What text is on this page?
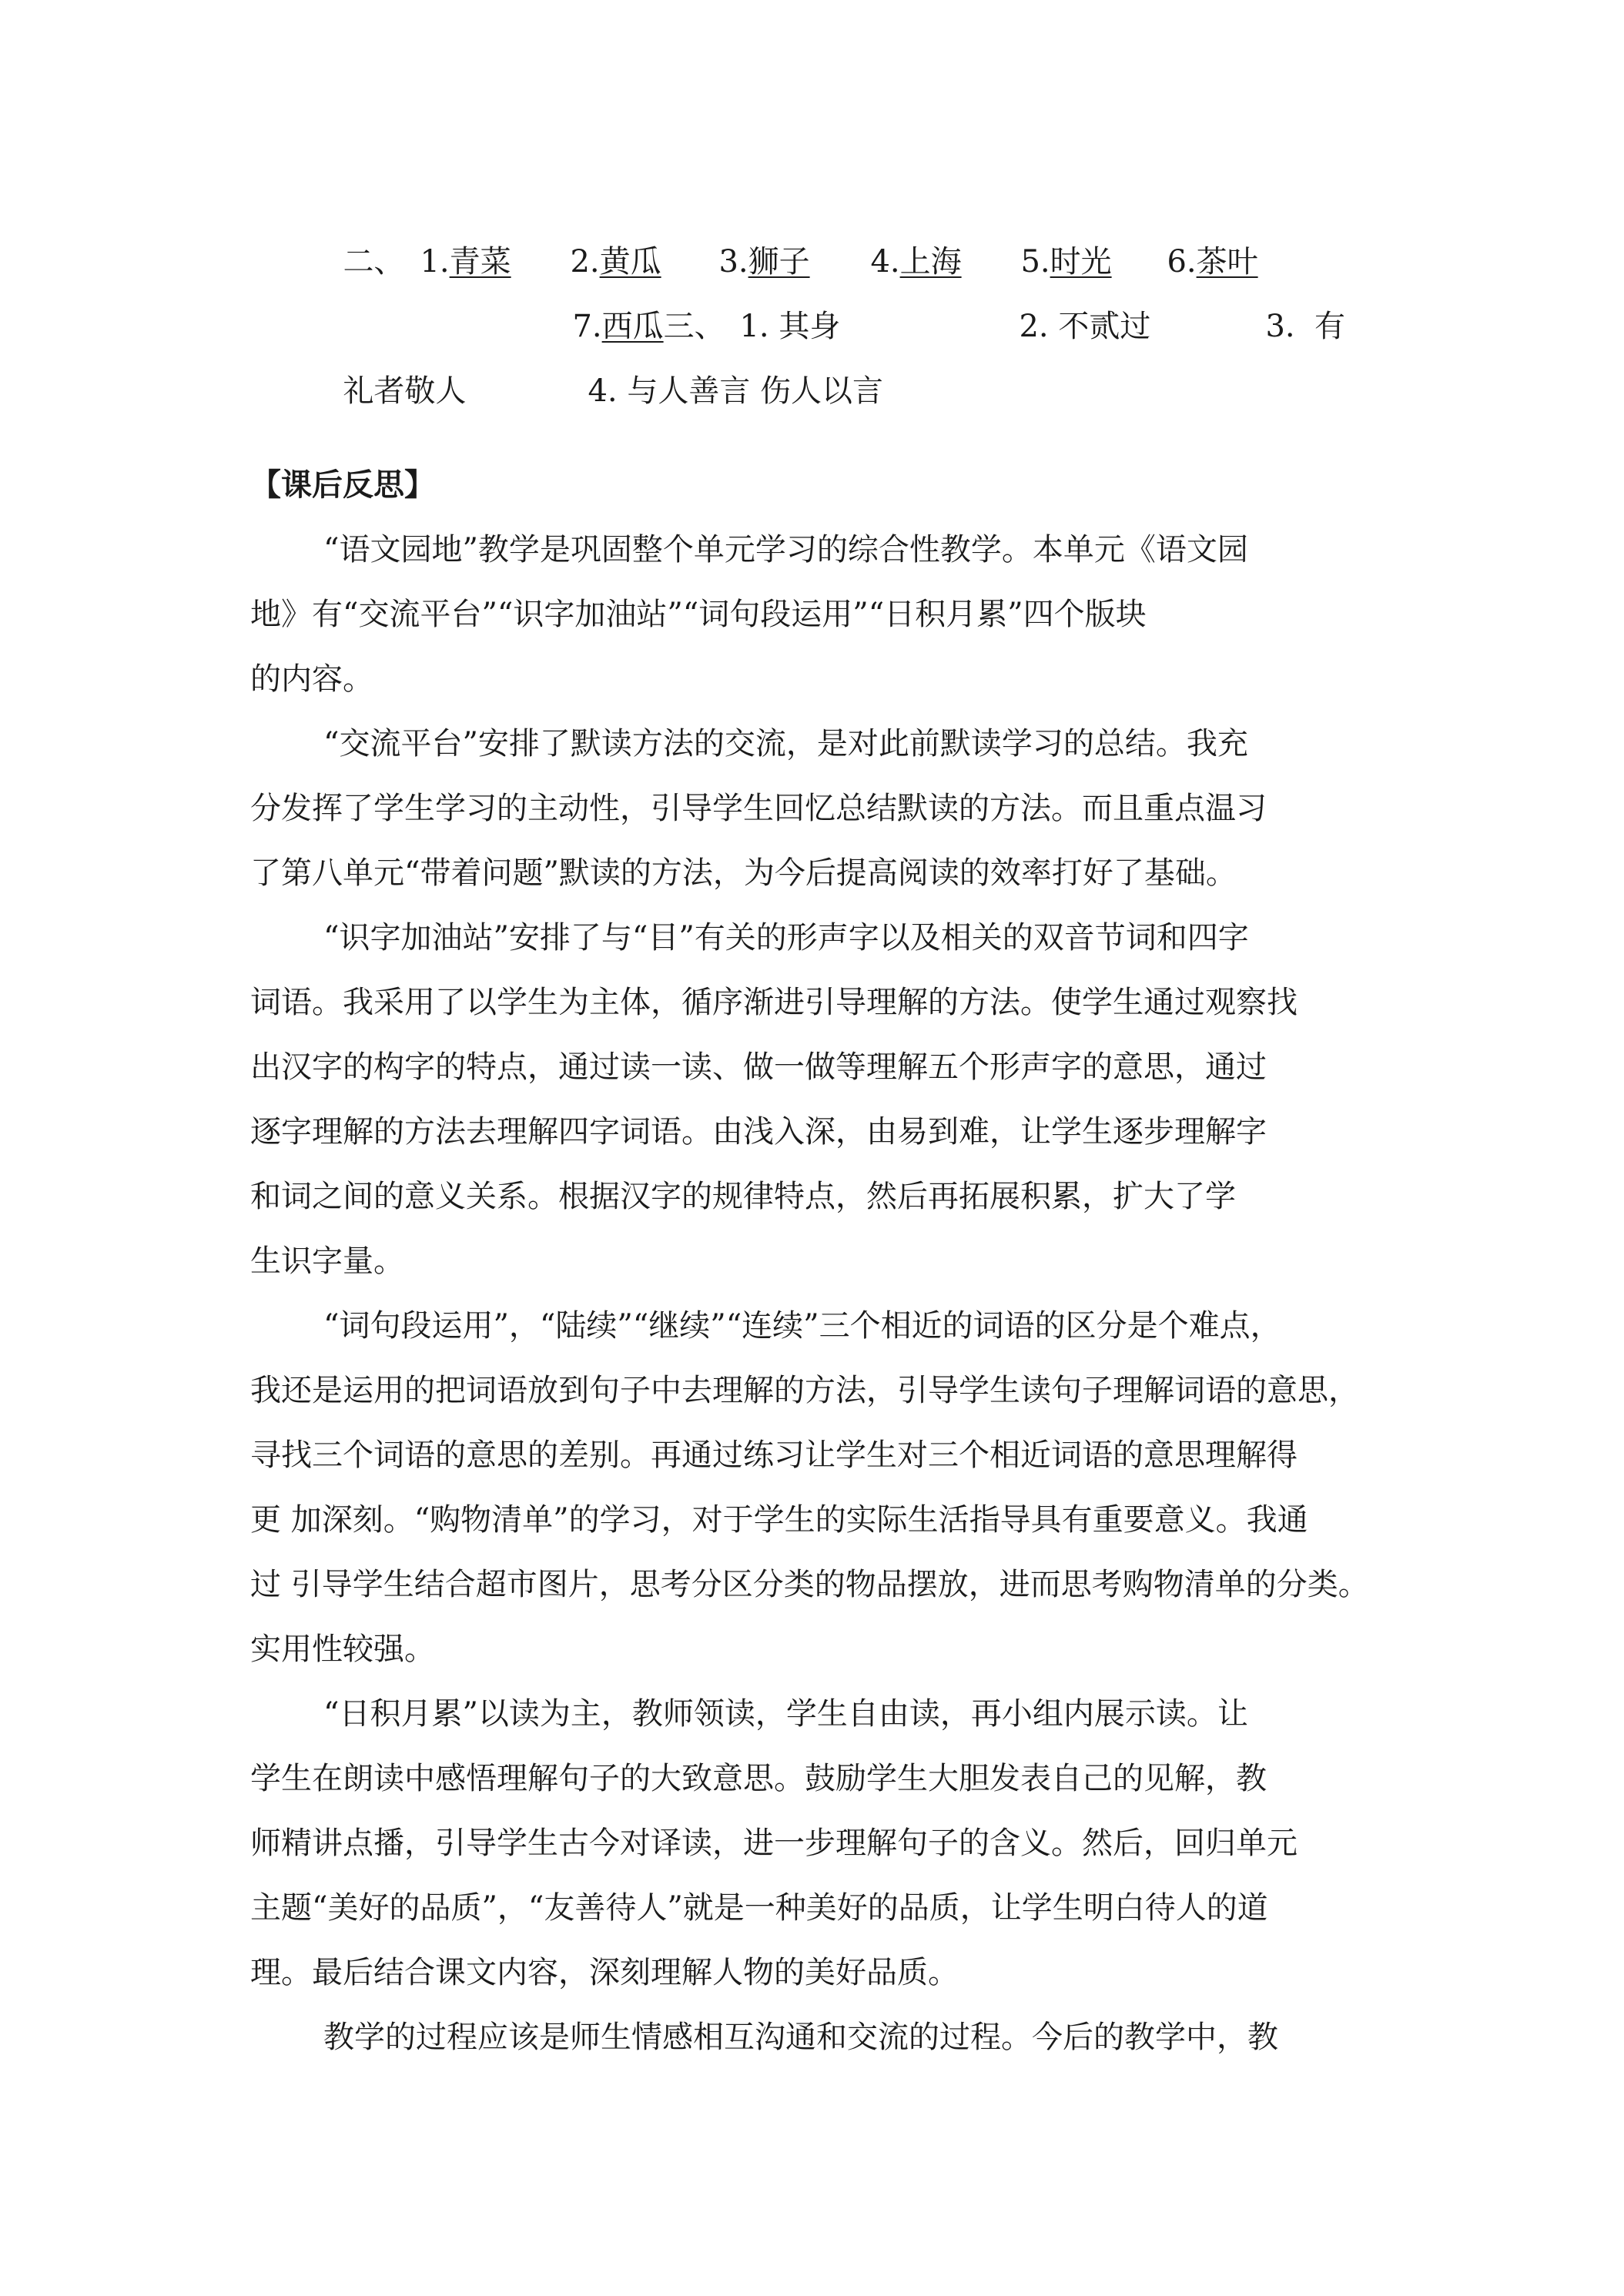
二、 1.青菜	2.黄瓜	3.狮子	4.上海	5.时光	6.茶叶

7.西瓜三、 1. 其身	2. 不贰过	3. 有

礼者敬人	4. 与人善言 伤人以言

【课后反思】
“语文园地”教学是巩固整个单元学习的综合性教学。本单元《语文园
地》有“交流平台”“识字加油站”“词句段运用”“日积月累”四个版块
的内容。
“交流平台”安排了默读方法的交流，是对此前默读学习的总结。我充
分发挥了学生学习的主动性，引导学生回忆总结默读的方法。而且重点温习
了第八单元“带着问题”默读的方法，为今后提高阅读的效率打好了基础。
“识字加油站”安排了与“目”有关的形声字以及相关的双音节词和四字
词语。我采用了以学生为主体，循序渐进引导理解的方法。使学生通过观察找
出汉字的构字的特点，通过读一读、做一做等理解五个形声字的意思，通过
逐字理解的方法去理解四字词语。由浅入深，由易到难，让学生逐步理解字
和词之间的意义关系。根据汉字的规律特点，然后再拓展积累，扩大了学
生识字量。
“词句段运用”，“陆续”“继续”“连续”三个相近的词语的区分是个难点，
我还是运用的把词语放到句子中去理解的方法，引导学生读句子理解词语的意思，
寻找三个词语的意思的差别。再通过练习让学生对三个相近词语的意思理解得
更 加深刻。“购物清单”的学习，对于学生的实际生活指导具有重要意义。我通
过 引导学生结合超市图片，思考分区分类的物品摆放，进而思考购物清单的分类。
实用性较强。
“日积月累”以读为主，教师领读，学生自由读，再小组内展示读。让
学生在朗读中感悟理解句子的大致意思。鼓励学生大胆发表自己的见解，教
师精讲点播，引导学生古今对译读，进一步理解句子的含义。然后，回归单元
主题“美好的品质”，“友善待人”就是一种美好的品质，让学生明白待人的道
理。最后结合课文内容，深刻理解人物的美好品质。
教学的过程应该是师生情感相互沟通和交流的过程。今后的教学中，教
